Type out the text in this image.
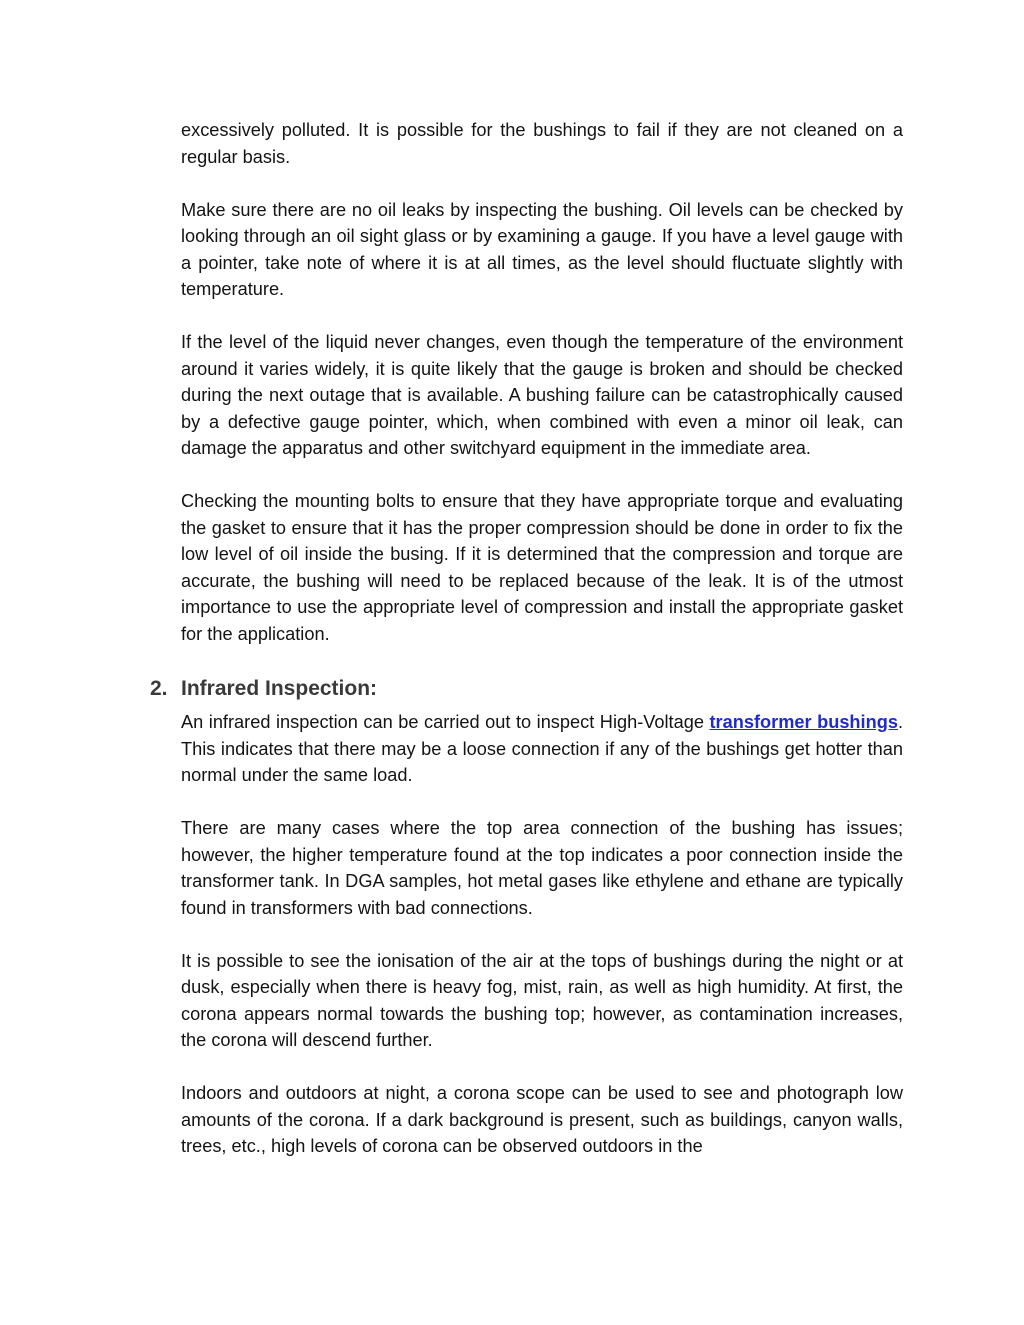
excessively polluted. It is possible for the bushings to fail if they are not cleaned on a regular basis.

Make sure there are no oil leaks by inspecting the bushing. Oil levels can be checked by looking through an oil sight glass or by examining a gauge. If you have a level gauge with a pointer, take note of where it is at all times, as the level should fluctuate slightly with temperature.

If the level of the liquid never changes, even though the temperature of the environment around it varies widely, it is quite likely that the gauge is broken and should be checked during the next outage that is available. A bushing failure can be catastrophically caused by a defective gauge pointer, which, when combined with even a minor oil leak, can damage the apparatus and other switchyard equipment in the immediate area.

Checking the mounting bolts to ensure that they have appropriate torque and evaluating the gasket to ensure that it has the proper compression should be done in order to fix the low level of oil inside the busing. If it is determined that the compression and torque are accurate, the bushing will need to be replaced because of the leak. It is of the utmost importance to use the appropriate level of compression and install the appropriate gasket for the application.

2. Infrared Inspection:

An infrared inspection can be carried out to inspect High-Voltage transformer bushings. This indicates that there may be a loose connection if any of the bushings get hotter than normal under the same load.

There are many cases where the top area connection of the bushing has issues; however, the higher temperature found at the top indicates a poor connection inside the transformer tank. In DGA samples, hot metal gases like ethylene and ethane are typically found in transformers with bad connections.

It is possible to see the ionisation of the air at the tops of bushings during the night or at dusk, especially when there is heavy fog, mist, rain, as well as high humidity. At first, the corona appears normal towards the bushing top; however, as contamination increases, the corona will descend further.

Indoors and outdoors at night, a corona scope can be used to see and photograph low amounts of the corona. If a dark background is present, such as buildings, canyon walls, trees, etc., high levels of corona can be observed outdoors in the
